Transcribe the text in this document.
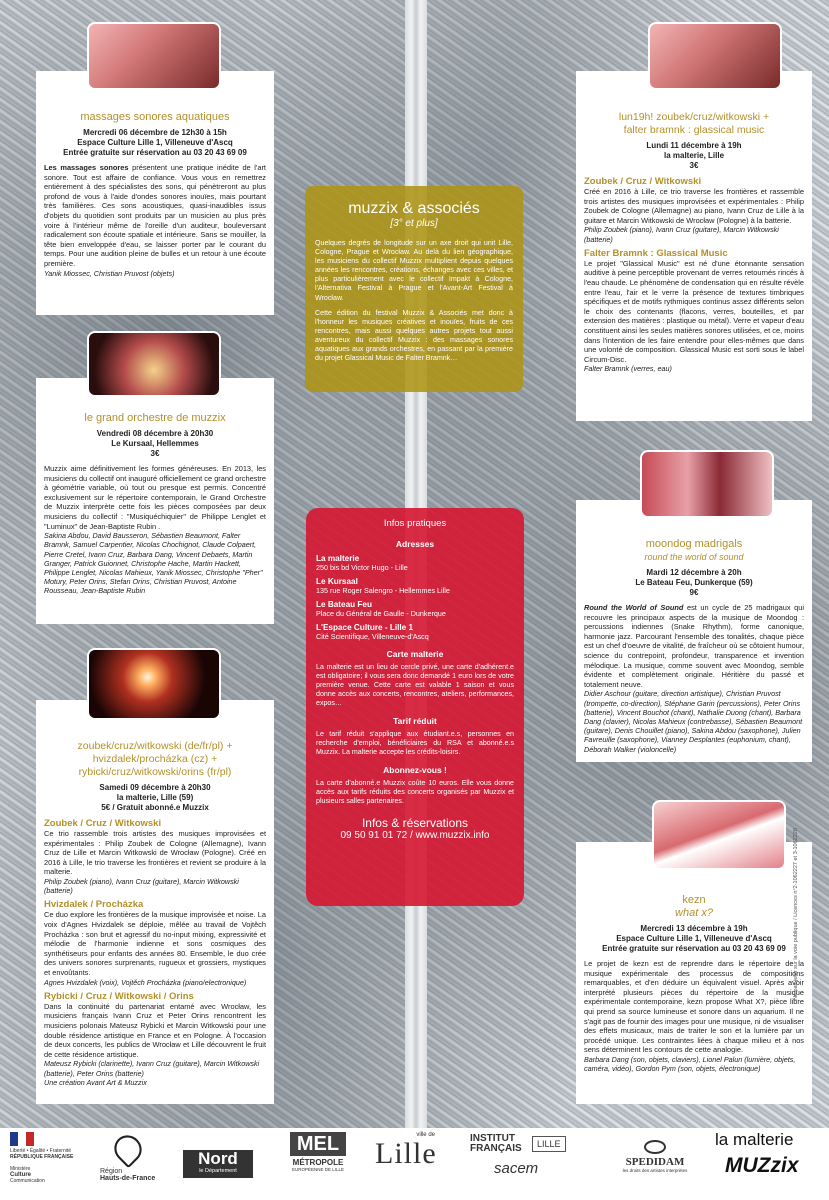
massages sonores aquatiques
Mercredi 06 décembre de 12h30 à 15h
Espace Culture Lille 1, Villeneuve d'Ascq
Entrée gratuite sur réservation au 03 20 43 69 09
Les massages sonores présentent une pratique inédite de l'art sonore. Tout est affaire de confiance. Vous vous en remettrez entièrement à des spécialistes des sons, qui pénètreront au plus profond de vous à l'aide d'ondes sonores inouïes, mais pourtant très familières. Ces sons acoustiques, quasi-inaudibles issus d'objets du quotidien sont produits par un musicien au plus près voire à l'intérieur même de l'oreille d'un auditeur, bouleversant radicalement son écoute spatiale et intérieure. Sans se mouiller, la tête bien enveloppée d'eau, se laisser porter par le courant du temps. Pour une audition pleine de bulles et un retour à une écoute première.
Yanik Miossec, Christian Pruvost (objets)
le grand orchestre de muzzix
Vendredi 08 décembre à 20h30
Le Kursaal, Hellemmes
3€
Muzzix aime définitivement les formes généreuses. En 2013, les musiciens du collectif ont inauguré officiellement ce grand orchestre à géométrie variable, où tout ou presque est permis. Concentré exclusivement sur le répertoire contemporain, le Grand Orchestre de Muzzix interprète cette fois les pièces composées par deux musiciens du collectif : "Musiquéchiquier" de Philippe Lenglet et "Luminux" de Jean-Baptiste Rubin .
Sakina Abdou, David Bausseron, Sébastien Beaumont, Falter Bramnk, Samuel Carpentier, Nicolas Chochignot, Claude Colpaert, Pierre Cretel, Ivann Cruz, Barbara Dang, Vincent Debaets, Martin Granger, Patrick Guionnet, Christophe Hache, Martin Hackett, Philippe Lenglet, Nicolas Mahieux, Yanik Miossec, Christophe "Pher" Motury, Peter Orins, Stefan Orins, Christian Pruvost, Antoine Rousseau, Jean-Baptiste Rubin
zoubek/cruz/witkowski (de/fr/pl) +
hvizdalek/procházka (cz) +
rybicki/cruz/witkowski/orins (fr/pl)
Samedi 09 décembre à 20h30
la malterie, Lille (59)
5€ / Gratuit abonné.e Muzzix
Zoubek / Cruz / Witkowski
Ce trio rassemble trois artistes des musiques improvisées et expérimentales : Philip Zoubek de Cologne (Allemagne), Ivann Cruz de Lille et Marcin Witkowski de Wrocław (Pologne). Créé en 2016 à Lille, le trio traverse les frontières et revient se produire à la malterie.
Philip Zoubek (piano), Ivann Cruz (guitare), Marcin Witkowski (batterie)
Hvizdalek / Procházka
Ce duo explore les frontières de la musique improvisée et noise. La voix d'Agnes Hvizdalek se déploie, mêlée au travail de Vojtěch Procházka : son brut et agressif du no-input mixing, expressivité et mélodie de l'harmonie indienne et sons cosmiques des synthétiseurs pour enfants des années 80. Ensemble, le duo crée des univers sonores surprenants, rugueux et grossiers, mystiques et envoûtants.
Agnes Hvizdalek (voix), Vojtěch Procházka (piano/electronique)
Rybicki / Cruz / Witkowski / Orins
Dans la continuité du partenariat entamé avec Wrocław, les musiciens français Ivann Cruz et Peter Orins rencontrent les musiciens polonais Mateusz Rybicki et Marcin Witkowski pour une double résidence artistique en France et en Pologne. À l'occasion de deux concerts, les publics de Wrocław et Lille découvrent le fruit de cette résidence artistique.
Mateusz Rybicki (clarinette), Ivann Cruz (guitare), Marcin Witkowski (batterie), Peter Orins (batterie)
Une création Avant Art & Muzzix
lun19h! zoubek/cruz/witkowski +
falter bramnk : glassical music
Lundi 11 décembre à 19h
la malterie, Lille
3€
Zoubek / Cruz / Witkowski
Créé en 2016 à Lille, ce trio traverse les frontières et rassemble trois artistes des musiques improvisées et expérimentales : Philip Zoubek de Cologne (Allemagne) au piano, Ivann Cruz de Lille à la guitare et Marcin Witkowski de Wrocław (Pologne) à la batterie.
Philip Zoubek (piano), Ivann Cruz (guitare), Marcin Witkowski (batterie)
Falter Bramnk : Glassical Music
Le projet "Glassical Music" est né d'une étonnante sensation auditive à peine perceptible provenant de verres retournés rincés à l'eau chaude. Le phénomène de condensation qui en résulte révèle entre l'eau, l'air et le verre la présence de textures timbriques spécifiques et de motifs rythmiques continus assez différents selon le choix des contenants (flacons, verres, bouteilles, et par extension des matières : plastique ou métal). Verre et vapeur d'eau constituent ainsi les seules matières sonores utilisées, et ce, moins dans l'intention de les faire entendre pour elles-mêmes que dans une volonté de composition. Glassical Music est sorti sous le label Circum-Disc.
Falter Bramnk (verres, eau)
moondog madrigals
round the world of sound
Mardi 12 décembre à 20h
Le Bateau Feu, Dunkerque (59)
9€
Round the World of Sound est un cycle de 25 madrigaux qui recouvre les principaux aspects de la musique de Moondog : percussions indiennes (Snake Rhythm), forme canonique, harmonie jazz. Parcourant l'ensemble des tonalités, chaque pièce est un chef d'oeuvre de vitalité, de fraîcheur où se côtoient humour, science du contrepoint, profondeur, transparence et invention mélodique. La musique, comme souvent avec Moondog, semble évidente et complètement originale. Héritière du passé et totalement neuve.
Didier Aschour (guitare, direction artistique), Christian Pruvost (trompette, co-direction), Stéphane Garin (percussions), Peter Orins (batterie), Vincent Bouchot (chant), Nathalie Duong (chant), Barbara Dang (clavier), Nicolas Mahieux (contrebasse), Sébastien Beaumont (guitare), Denis Chouillet (piano), Sakina Abdou (saxophone), Julien Favreuille (saxophone), Vianney Desplantes (euphonium, chant), Déborah Walker (violoncelle)
kezn
what x?
Mercredi 13 décembre à 19h
Espace Culture Lille 1, Villeneuve d'Ascq
Entrée gratuite sur réservation au 03 20 43 69 09
Le projet de kezn est de reprendre dans le répertoire de la musique expérimentale des processus de compositions remarquables, et d'en déduire un équivalent visuel. Après avoir interprété plusieurs pièces du répertoire de la musique expérimentale contemporaine, kezn propose What X?, pièce libre qui prend sa source lumineuse et sonore dans un aquarium. Il ne s'agit pas de fournir des images pour une musique, ni de visualiser des effets musicaux, mais de traiter le son et la lumière par un procédé unique. Les contraintes liées à chaque milieu et à nos sens déterminent les contours de cette analogie.
Barbara Dang (son, objets, claviers), Lionel Palun (lumière, objets, caméra, vidéo), Gordon Pym (son, objets, électronique)
muzzix & associés
[3° et plus]
Quelques degrés de longitude sur un axe droit qui unit Lille, Cologne, Prague et Wrocław. Au delà du lien géographique, les musiciens du collectif Muzzix multiplient depuis quelques années les rencontres, créations, échanges avec ces villes, et plus particulièrement avec le collectif Impakt à Cologne, l'Alternativa Festival à Prague et l'Avant-Art Festival à Wrocław.
Cette édition du festival Muzzix & Associés met donc à l'honneur les musiques créatives et inouïes, fruits de ces rencontres, mais aussi quelques autres projets tout aussi aventureux du collectif Muzzix : des massages sonores aquatiques aux grands orchestres, en passant par la première du projet Glassical Music de Falter Bramnk…
Infos pratiques
Adresses
La malterie
250 bis bd Victor Hugo - Lille
Le Kursaal
135 rue Roger Salengro - Hellemmes Lille
Le Bateau Feu
Place du Général de Gaulle - Dunkerque
L'Espace Culture - Lille 1
Cité Scientifique, Villeneuve-d'Ascq
Carte malterie
La malterie est un lieu de cercle privé, une carte d'adhérent.e est obligatoire; il vous sera donc demandé 1 euro lors de votre première venue. Cette carte est valable 1 saison et vous donne accès aux concerts, rencontres, ateliers, performances, expos…
Tarif réduit
Le tarif réduit s'applique aux étudiant.e.s, personnes en recherche d'emploi, bénéficiaires du RSA et abonné.e.s Muzzix. La malterie accepte les crédits-loisirs.
Abonnez-vous !
La carte d'abonné.e Muzzix coûte 10 euros. Elle vous donne accès aux tarifs réduits des concerts organisés par Muzzix et plusieurs salles partenaires.
Infos & réservations
09 50 91 01 72 / www.muzzix.info	Ne pas jeter sur la voie publique / Licences n°2-1062227 et 3-1062228
Liberté • Égalité • Fraternité
RÉPUBLIQUE FRANÇAISE
Ministère
Culture
Communication
Région
Hauts-de-France
Nord
le Département
MEL
MÉTROPOLE
EUROPÉENNE DE LILLE
ville de
Lille	INSTITUT
FRANÇAIS	LILLE
sacem	SPEDIDAM
les droits des artistes interprètes
la malterie
MUZzix
